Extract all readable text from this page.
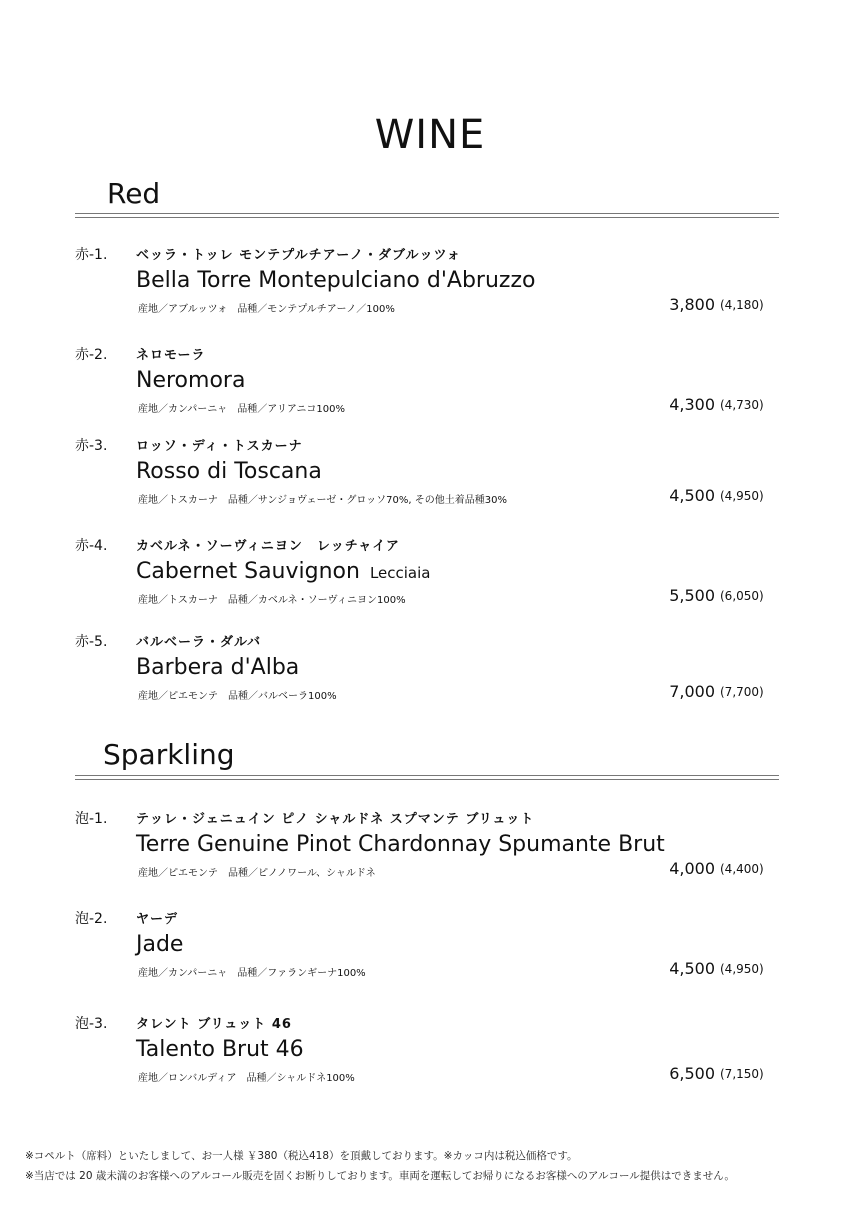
WINE
Red
赤-1. ベッラ・トッレ モンテプルチアーノ・ダブルッツォ
Bella Torre Montepulciano d'Abruzzo
産地／アブルッツォ　品種／モンテプルチアーノ／100%	3,800 (4,180)
赤-2. ネロモーラ
Neromora
産地／カンパーニャ　品種／アリアニコ100%	4,300 (4,730)
赤-3. ロッソ・ディ・トスカーナ
Rosso di Toscana
産地／トスカーナ　品種／サンジョヴェーゼ・グロッソ70%, その他土着品種30%	4,500 (4,950)
赤-4. カベルネ・ソーヴィニヨン　レッチャイア
Cabernet Sauvignon Lecciaia
産地／トスカーナ　品種／カベルネ・ソーヴィニヨン100%	5,500 (6,050)
赤-5. バルベーラ・ダルバ
Barbera d'Alba
産地／ピエモンテ　品種／バルベーラ100%	7,000 (7,700)
Sparkling
泡-1. テッレ・ジェニュイン ピノ シャルドネ スプマンテ ブリュット
Terre Genuine Pinot Chardonnay Spumante Brut
産地／ピエモンテ　品種／ピノノワール、シャルドネ	4,000 (4,400)
泡-2. ヤーデ
Jade
産地／カンパーニャ　品種／ファランギーナ100%	4,500 (4,950)
泡-3. タレント ブリュット 46
Talento Brut 46
産地／ロンバルディア　品種／シャルドネ100%	6,500 (7,150)
※コペルト（席料）といたしまして、お一人様 ￥380（税込418）を頂戴しております。※カッコ内は税込価格です。
※当店では 20 歳未満のお客様へのアルコール販売を固くお断りしております。車両を運転してお帰りになるお客様へのアルコール提供はできません。
